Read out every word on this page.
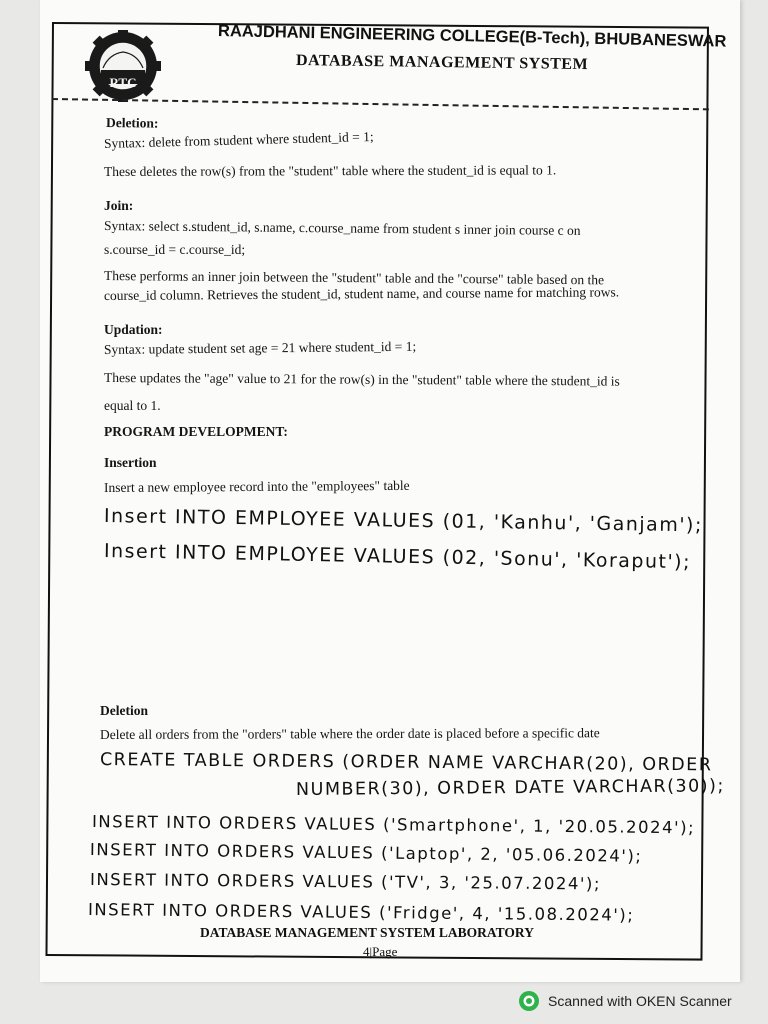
RTC
RAAJDHANI ENGINEERING COLLEGE(B-Tech), BHUBANESWAR
DATABASE MANAGEMENT SYSTEM
Deletion:
Syntax: delete from student where student_id = 1;
These deletes the row(s) from the "student" table where the student_id is equal to 1.
Join:
Syntax: select s.student_id, s.name, c.course_name from student s inner join course c on
s.course_id = c.course_id;
These performs an inner join between the "student" table and the "course" table based on the
course_id column. Retrieves the student_id, student name, and course name for matching rows.
Updation:
Syntax: update student set age = 21 where student_id = 1;
These updates the "age" value to 21 for the row(s) in the "student" table where the student_id is
equal to 1.
PROGRAM DEVELOPMENT:
Insertion
Insert a new employee record into the "employees" table
Insert INTO EMPLOYEE VALUES (01, 'Kanhu', 'Ganjam');
Insert INTO EMPLOYEE VALUES (02, 'Sonu', 'Koraput');
Deletion
Delete all orders from the "orders" table where the order date is placed before a specific date
CREATE TABLE ORDERS (ORDER NAME VARCHAR(20), ORDER
NUMBER(30), ORDER DATE VARCHAR(30));
INSERT INTO ORDERS VALUES ('Smartphone', 1, '20.05.2024');
INSERT INTO ORDERS VALUES ('Laptop', 2, '05.06.2024');
INSERT INTO ORDERS VALUES ('TV', 3, '25.07.2024');
INSERT INTO ORDERS VALUES ('Fridge', 4, '15.08.2024');
DATABASE MANAGEMENT SYSTEM LABORATORY
4|Page
Scanned with OKEN Scanner
